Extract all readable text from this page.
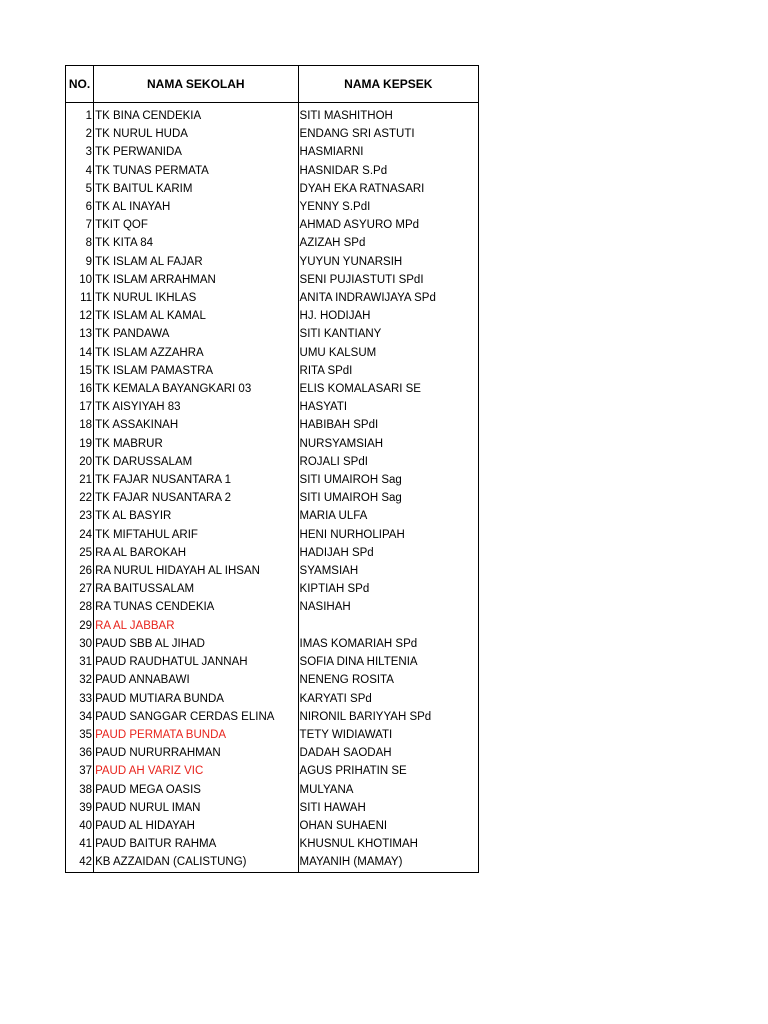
NO.	NAMA SEKOLAH	NAMA KEPSEK
1	TK BINA CENDEKIA	SITI MASHITHOH
2	TK NURUL HUDA	ENDANG SRI ASTUTI
3	TK PERWANIDA	HASMIARNI
4	TK TUNAS PERMATA	HASNIDAR S.Pd
5	TK BAITUL KARIM	DYAH EKA RATNASARI
6	TK AL INAYAH	YENNY S.PdI
7	TKIT QOF	AHMAD ASYURO MPd
8	TK KITA 84	AZIZAH SPd
9	TK ISLAM AL FAJAR	YUYUN YUNARSIH
10	TK ISLAM ARRAHMAN	SENI PUJIASTUTI SPdI
11	TK NURUL IKHLAS	ANITA INDRAWIJAYA SPd
12	TK ISLAM AL KAMAL	HJ. HODIJAH
13	TK PANDAWA	SITI KANTIANY
14	TK ISLAM AZZAHRA	UMU KALSUM
15	TK ISLAM PAMASTRA	RITA SPdI
16	TK KEMALA BAYANGKARI 03	ELIS KOMALASARI SE
17	TK AISYIYAH 83	HASYATI
18	TK ASSAKINAH	HABIBAH SPdI
19	TK MABRUR	NURSYAMSIAH
20	TK DARUSSALAM	ROJALI SPdI
21	TK FAJAR NUSANTARA 1	SITI UMAIROH Sag
22	TK FAJAR NUSANTARA 2	SITI UMAIROH Sag
23	TK AL BASYIR	MARIA ULFA
24	TK MIFTAHUL ARIF	HENI NURHOLIPAH
25	RA AL BAROKAH	HADIJAH SPd
26	RA NURUL HIDAYAH AL IHSAN	SYAMSIAH
27	RA BAITUSSALAM	KIPTIAH SPd
28	RA TUNAS CENDEKIA	NASIHAH
29	RA AL JABBAR	
30	PAUD SBB AL JIHAD	IMAS KOMARIAH SPd
31	PAUD RAUDHATUL JANNAH	SOFIA DINA HILTENIA
32	PAUD ANNABAWI	NENENG ROSITA
33	PAUD MUTIARA BUNDA	KARYATI SPd
34	PAUD SANGGAR CERDAS ELINA	NIRONIL BARIYYAH SPd
35	PAUD PERMATA BUNDA	TETY WIDIAWATI
36	PAUD NURURRAHMAN	DADAH SAODAH
37	PAUD AH VARIZ VIC	AGUS PRIHATIN SE
38	PAUD MEGA OASIS	MULYANA
39	PAUD NURUL IMAN	SITI HAWAH
40	PAUD AL HIDAYAH	OHAN SUHAENI
41	PAUD BAITUR RAHMA	KHUSNUL KHOTIMAH
42	KB AZZAIDAN (CALISTUNG)	MAYANIH (MAMAY)
